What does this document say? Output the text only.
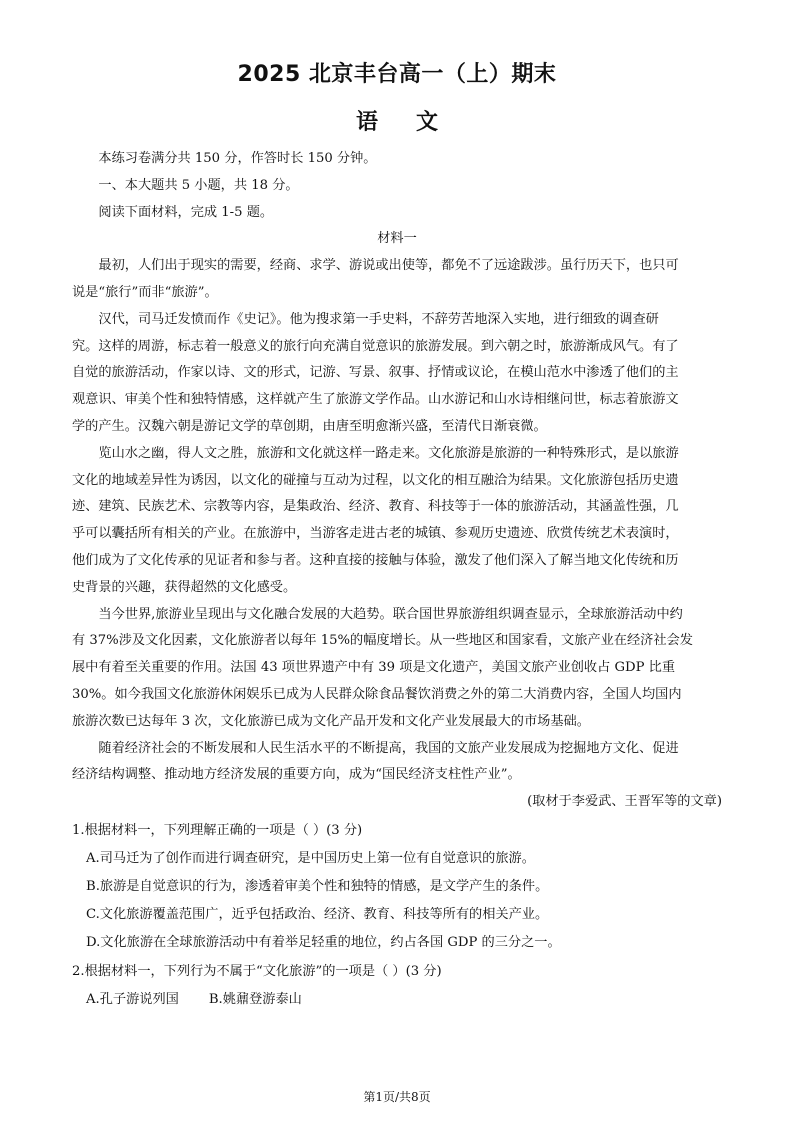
2025 北京丰台高一（上）期末
语文

本练习卷满分共 150 分，作答时长 150 分钟。

一、本大题共 5 小题，共 18 分。

阅读下面材料，完成 1-5 题。

材料一

最初，人们出于现实的需要，经商、求学、游说或出使等，都免不了远途跋涉。虽行历天下，也只可

说是“旅行”而非“旅游”。

汉代，司马迁发愤而作《史记》。他为搜求第一手史料，不辞劳苦地深入实地，进行细致的调查研

究。这样的周游，标志着一般意义的旅行向充满自觉意识的旅游发展。到六朝之时，旅游渐成风气。有了

自觉的旅游活动，作家以诗、文的形式，记游、写景、叙事、抒情或议论，在模山范水中渗透了他们的主

观意识、审美个性和独特情感，这样就产生了旅游文学作品。山水游记和山水诗相继问世，标志着旅游文

学的产生。汉魏六朝是游记文学的草创期，由唐至明愈渐兴盛，至清代日渐衰微。

览山水之幽，得人文之胜，旅游和文化就这样一路走来。文化旅游是旅游的一种特殊形式，是以旅游

文化的地域差异性为诱因，以文化的碰撞与互动为过程，以文化的相互融洽为结果。文化旅游包括历史遗

迹、建筑、民族艺术、宗教等内容，是集政治、经济、教育、科技等于一体的旅游活动，其涵盖性强，几

乎可以囊括所有相关的产业。在旅游中，当游客走进古老的城镇、参观历史遗迹、欣赏传统艺术表演时，

他们成为了文化传承的见证者和参与者。这种直接的接触与体验，激发了他们深入了解当地文化传统和历

史背景的兴趣，获得超然的文化感受。

当今世界,旅游业呈现出与文化融合发展的大趋势。联合国世界旅游组织调查显示，全球旅游活动中约

有 37%涉及文化因素，文化旅游者以每年 15%的幅度增长。从一些地区和国家看，文旅产业在经济社会发

展中有着至关重要的作用。法国 43 项世界遗产中有 39 项是文化遗产，美国文旅产业创收占 GDP 比重

30%。如今我国文化旅游休闲娱乐已成为人民群众除食品餐饮消费之外的第二大消费内容，全国人均国内

旅游次数已达每年 3 次，文化旅游已成为文化产品开发和文化产业发展最大的市场基础。

随着经济社会的不断发展和人民生活水平的不断提高，我国的文旅产业发展成为挖掘地方文化、促进

经济结构调整、推动地方经济发展的重要方向，成为“国民经济支柱性产业”。

(取材于李爱武、王晋军等的文章)

1.根据材料一，下列理解正确的一项是（ ）(3 分)

A.司马迁为了创作而进行调查研究，是中国历史上第一位有自觉意识的旅游。

B.旅游是自觉意识的行为，渗透着审美个性和独特的情感，是文学产生的条件。

C.文化旅游覆盖范围广，近乎包括政治、经济、教育、科技等所有的相关产业。

D.文化旅游在全球旅游活动中有着举足轻重的地位，约占各国 GDP 的三分之一。

2.根据材料一，下列行为不属于“文化旅游”的一项是（ ）(3 分)

A.孔子游说列国 B.姚鼐登游泰山

第1页/共8页
